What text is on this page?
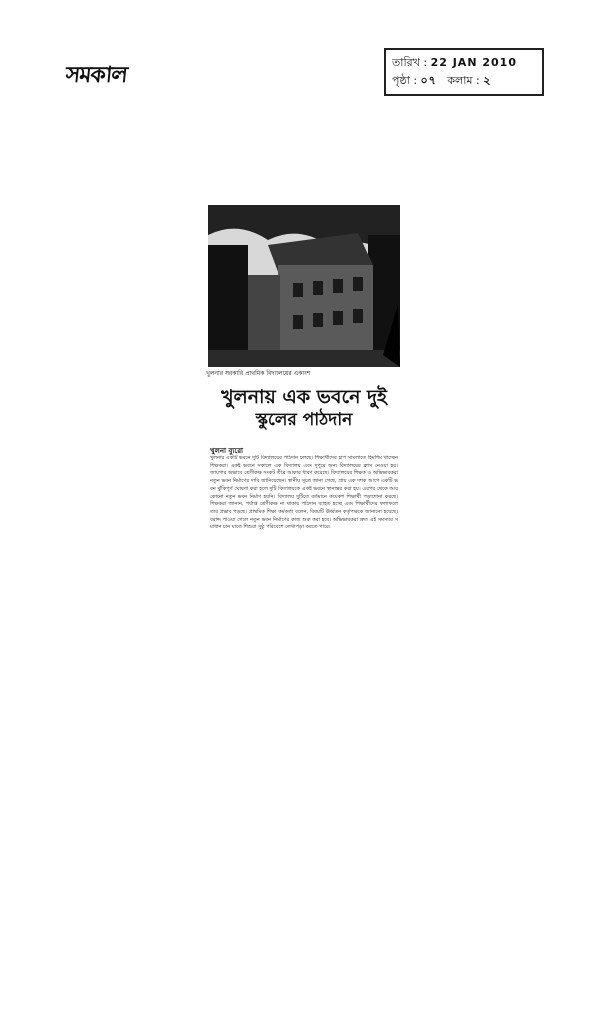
সমকাল	তারিখ : 22 JAN 2010
পৃষ্ঠা : ০৭ কলাম : ২
খুলনার সরকারি প্রাথমিক বিদ্যালয়ের একাংশ
খুলনায় এক ভবনে দুই
স্কুলের পাঠদান
খুলনা ব্যুরো
খুলনার একটি ভবনে দুটি বিদ্যালয়ের পাঠদান চলছে। শিক্ষার্থীদের চাপ সামলাতে হিমশিম খাচ্ছেন শিক্ষকরা। একই ভবনে সকালে এক বিদ্যালয় এবং দুপুরে অন্য বিদ্যালয়ের ক্লাস নেওয়া হয়। জায়গার অভাবে শ্রেণীকক্ষ সংকট তীব্র আকার ধারণ করেছে। বিদ্যালয়ের শিক্ষক ও অভিভাবকরা নতুন ভবন নির্মাণের দাবি জানিয়েছেন। স্থানীয় সূত্রে জানা গেছে, প্রায় এক দশক আগে একটি ভবন ঝুঁকিপূর্ণ ঘোষণা করা হলে দুটি বিদ্যালয়কে একই ভবনে স্থানান্তর করা হয়। এরপর থেকে আর কোনো নতুন ভবন নির্মাণ হয়নি। বিদ্যালয় দুটিতে বর্তমানে কয়েকশ শিক্ষার্থী পড়াশোনা করছে। শিক্ষকরা জানান, পর্যাপ্ত শ্রেণীকক্ষ না থাকায় পাঠদান ব্যাহত হচ্ছে এবং শিক্ষার্থীদের ফলাফলে তার প্রভাব পড়ছে। প্রাথমিক শিক্ষা কর্মকর্তা বলেন, বিষয়টি ঊর্ধ্বতন কর্তৃপক্ষকে জানানো হয়েছে। বরাদ্দ পাওয়া গেলে নতুন ভবন নির্মাণের কাজ শুরু করা হবে। অভিভাবকরা দ্রুত এই সমস্যার সমাধান চান যাতে শিশুরা সুষ্ঠু পরিবেশে লেখাপড়া করতে পারে।
